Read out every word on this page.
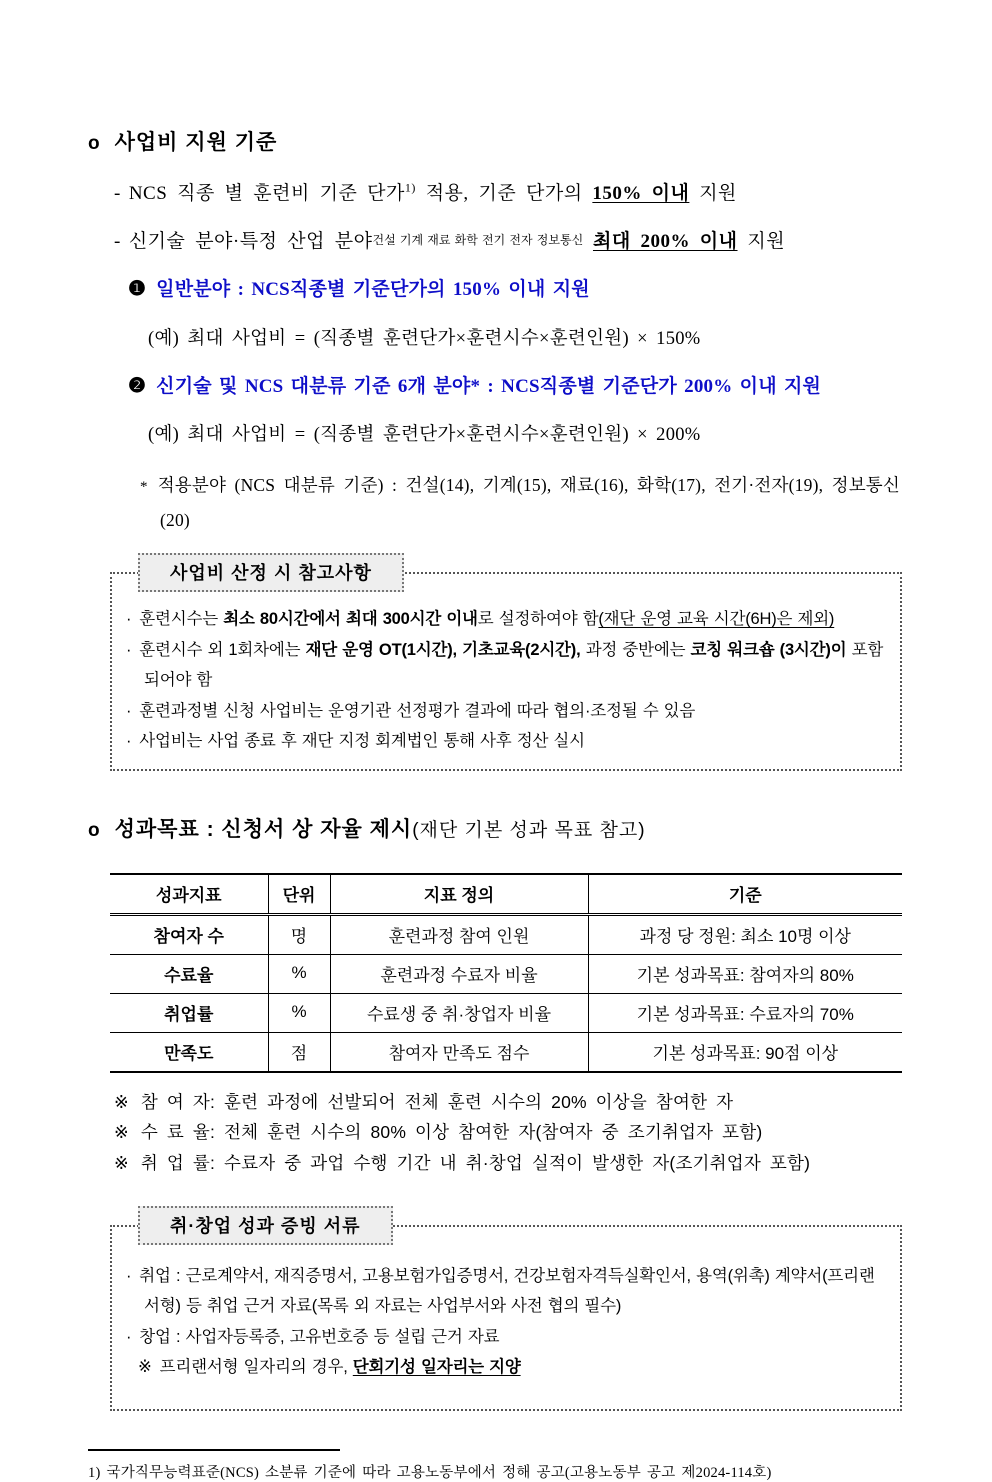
o 사업비 지원 기준
- NCS 직종 별 훈련비 기준 단가$^{1)}$ 적용, 기준 단가의 150% 이내 지원
- 신기술 분야·특정 산업 분야건설 기계 재료 화학 전기 전자 정보통신 최대 200% 이내 지원
❶ 일반분야 : NCS직종별 기준단가의 150% 이내 지원
(예) 최대 사업비 = (직종별 훈련단가×훈련시수×훈련인원) × 150%
❷ 신기술 및 NCS 대분류 기준 6개 분야* : NCS직종별 기준단가 200% 이내 지원
(예) 최대 사업비 = (직종별 훈련단가×훈련시수×훈련인원) × 200%
* 적용분야 (NCS 대분류 기준) : 건설(14), 기계(15), 재료(16), 화학(17), 전기·전자(19), 정보통신(20)
사업비 산정 시 참고사항
· 훈련시수는 최소 80시간에서 최대 300시간 이내로 설정하여야 함(재단 운영 교육 시간(6H)은 제외)
· 훈련시수 외 1회차에는 재단 운영 OT(1시간), 기초교육(2시간), 과정 중반에는 코칭 워크숍 (3시간)이 포함되어야 함
· 훈련과정별 신청 사업비는 운영기관 선정평가 결과에 따라 협의·조정될 수 있음
· 사업비는 사업 종료 후 재단 지정 회계법인 통해 사후 정산 실시
o 성과목표 : 신청서 상 자율 제시(재단 기본 성과 목표 참고)
성과지표	단위	지표 정의	기준
참여자 수	명	훈련과정 참여 인원	과정 당 정원: 최소 10명 이상
수료율	%	훈련과정 수료자 비율	기본 성과목표: 참여자의 80%
취업률	%	수료생 중 취·창업자 비율	기본 성과목표: 수료자의 70%
만족도	점	참여자 만족도 점수	기본 성과목표: 90점 이상
※ 참 여 자: 훈련 과정에 선발되어 전체 훈련 시수의 20% 이상을 참여한 자
※ 수 료 율: 전체 훈련 시수의 80% 이상 참여한 자(참여자 중 조기취업자 포함)
※ 취 업 률: 수료자 중 과업 수행 기간 내 취·창업 실적이 발생한 자(조기취업자 포함)
취·창업 성과 증빙 서류
· 취업 : 근로계약서, 재직증명서, 고용보험가입증명서, 건강보험자격득실확인서, 용역(위촉) 계약서(프리랜서형) 등 취업 근거 자료(목록 외 자료는 사업부서와 사전 협의 필수)
· 창업 : 사업자등록증, 고유번호증 등 설립 근거 자료
※ 프리랜서형 일자리의 경우, 단회기성 일자리는 지양
1) 국가직무능력표준(NCS) 소분류 기준에 따라 고용노동부에서 정해 공고(고용노동부 공고 제2024-114호)
